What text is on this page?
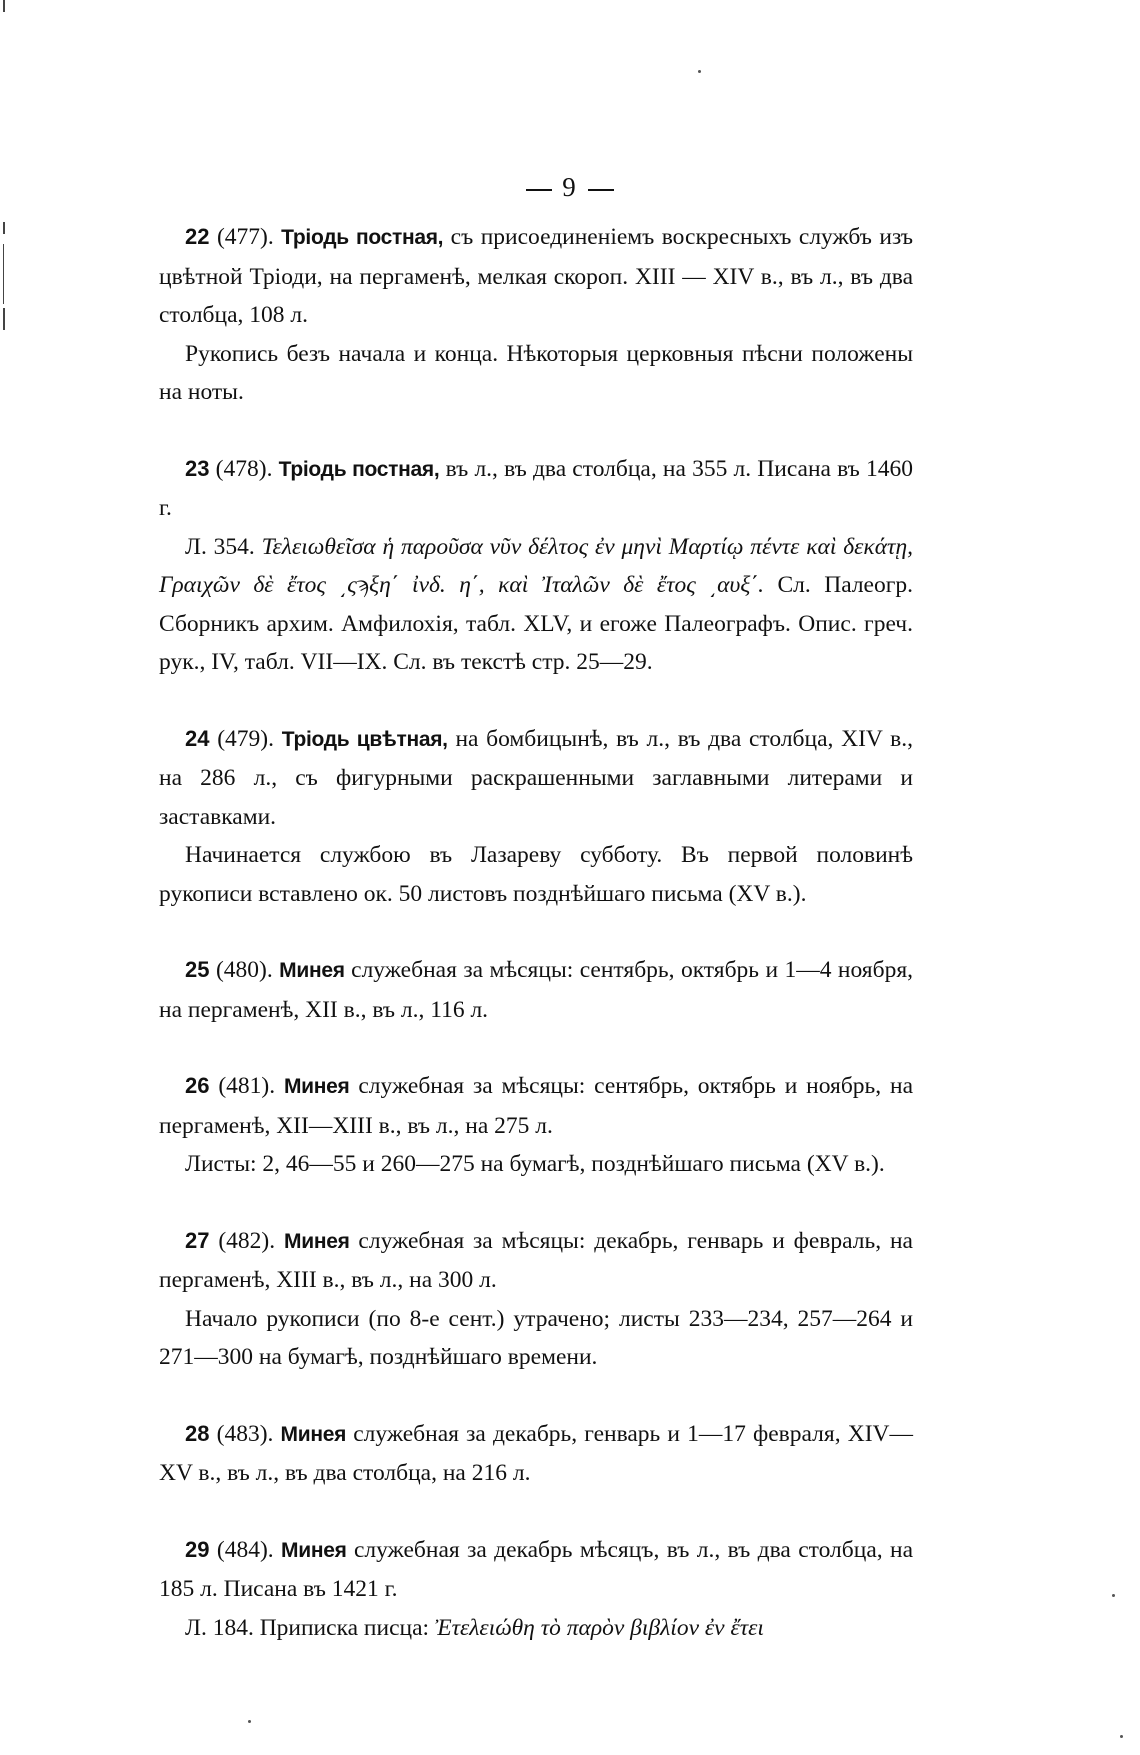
9

22 (477). Тріодь постная, съ присоединеніемъ воскресныхъ службъ изъ цвѣтной Тріоди, на пергаменѣ, мелкая скороп. XIII — XIV в., въ л., въ два столбца, 108 л.

Рукопись безъ начала и конца. Нѣкоторыя церковныя пѣсни положены на ноты.

23 (478). Тріодь постная, въ л., въ два столбца, на 355 л. Писана въ 1460 г.

Л. 354. Τελειωθεῖσα ἡ παροῦσα νῦν δέλτος ἐν μηνὶ Μαρτίῳ πέντε καὶ δεκάτῃ, Γραιχῶν δὲ ἔτος ͵ςϡξη΄ ἰνδ. η΄, καὶ Ἰταλῶν δὲ ἔτος ͵αυξ΄. Сл. Палеогр. Сборникъ архим. Амфилохія, табл. XLV, и егожe Палеографъ. Опис. греч. рук., IV, табл. VII—IX. Сл. въ текстѣ стр. 25—29.

24 (479). Тріодь цвѣтная, на бомбицынѣ, въ л., въ два столбца, XIV в., на 286 л., съ фигурными раскрашенными заглавными литерами и заставками.

Начинается службою въ Лазареву субботу. Въ первой половинѣ рукописи вставлено ок. 50 листовъ позднѣйшаго письма (XV в.).

25 (480). Минея служебная за мѣсяцы: сентябрь, октябрь и 1—4 ноября, на пергаменѣ, XII в., въ л., 116 л.

26 (481). Минея служебная за мѣсяцы: сентябрь, октябрь и ноябрь, на пергаменѣ, XII—XIII в., въ л., на 275 л.

Листы: 2, 46—55 и 260—275 на бумагѣ, позднѣйшаго письма (XV в.).

27 (482). Минея служебная за мѣсяцы: декабрь, генварь и февраль, на пергаменѣ, XIII в., въ л., на 300 л.

Начало рукописи (по 8-е сент.) утрачено; листы 233—234, 257—264 и 271—300 на бумагѣ, позднѣйшаго времени.

28 (483). Минея служебная за декабрь, генварь и 1—17 февраля, XIV—XV в., въ л., въ два столбца, на 216 л.

29 (484). Минея служебная за декабрь мѣсяцъ, въ л., въ два столбца, на 185 л. Писана въ 1421 г.

Л. 184. Приписка писца: Ἐτελειώθη τὸ παρὸν βιβλίον ἐν ἔτει
